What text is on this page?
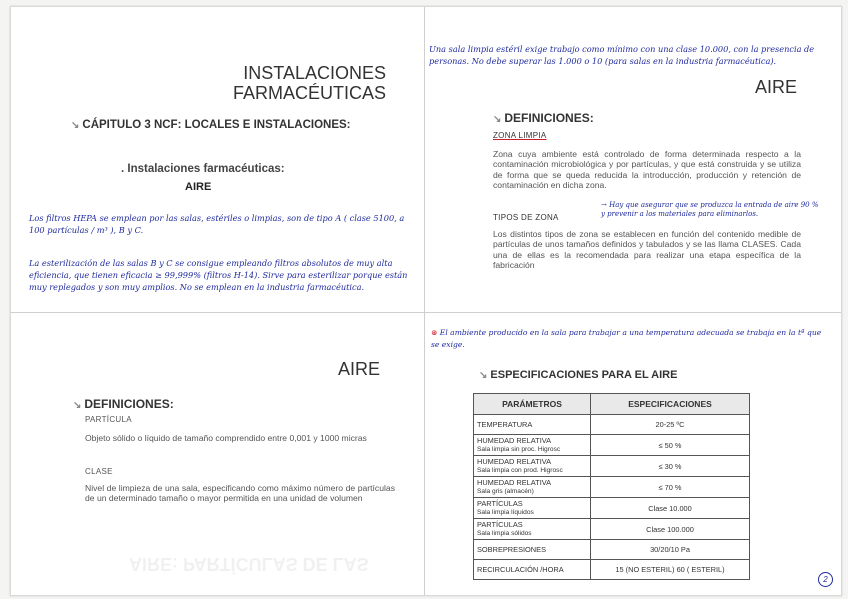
INSTALACIONES
FARMACÉUTICAS
↘ CÁPITULO 3 NCF: LOCALES E INSTALACIONES:
. Instalaciones farmacéuticas:
AIRE
Los filtros HEPA se emplean por las salas, estériles o limpias, son de tipo A ( clase 5100, a 100 partículas / m³ ), B y C.
La esterilización de las salas B y C se consigue empleando filtros absolutos de muy alta eficiencia, que tienen eficacia ≥ 99,999% (filtros H-14). Sirve para esterilizar porque están muy replegados y son muy amplios. No se emplean en la industria farmacéutica.
Una sala limpia estéril exige trabajo como mínimo con una clase 10.000, con la presencia de personas. No debe superar las 1.000 o 10 (para salas en la industria farmacéutica).
AIRE
↘ DEFINICIONES:
ZONA LIMPIA
Zona cuya ambiente está controlado de forma determinada respecto a la contaminación microbiológica y por partículas, y que está construida y se utiliza de forma que se queda reducida la introducción, producción y retención de contaminación en dicha zona.
→ Hay que asegurar que se produzca la entrada de aire 90 % y prevenir a los materiales para eliminarlos.
TIPOS DE ZONA
Los distintos tipos de zona se establecen en función del contenido medible de partículas de unos tamaños definidos y tabulados y se las llama CLASES. Cada una de ellas es la recomendada para realizar una etapa específica de la fabricación
AIRE
↘ DEFINICIONES:
PARTÍCULA
Objeto sólido o líquido de tamaño comprendido entre 0,001 y 1000 micras
CLASE
Nivel de limpieza de una sala, especificando como máximo número de partículas de un determinado tamaño o mayor permitida en una unidad de volumen
AIRE: PARTÍCULAS DE LAS
⊛ El ambiente producido en la sala para trabajar a una temperatura adecuada se trabaja en la tª que se exige.
↘ ESPECIFICACIONES PARA EL AIRE
PARÁMETROS	ESPECIFICACIONES

TEMPERATURA	20-25 ºC

HUMEDAD RELATIVA
Sala limpia sin proc. Higrosc	≤ 50 %

HUMEDAD RELATIVA
Sala limpia con prod. Higrosc	≤ 30 %

HUMEDAD RELATIVA
Sala gris (almacén)	≤ 70 %

PARTÍCULAS
Sala limpia líquidos	Clase 10.000

PARTÍCULAS
Sala limpia sólidos	Clase 100.000

SOBREPRESIONES	30/20/10 Pa

RECIRCULACIÓN /HORA	15 (NO ESTERIL) 60 ( ESTERIL)
2
